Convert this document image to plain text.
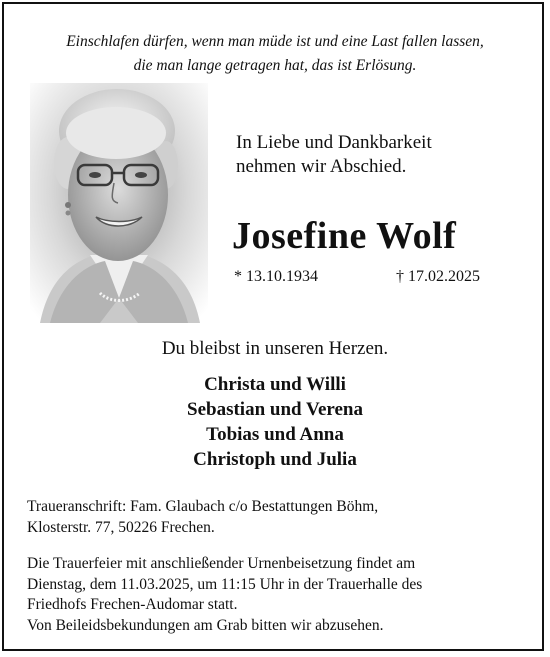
Einschlafen dürfen, wenn man müde ist und eine Last fallen lassen,
die man lange getragen hat, das ist Erlösung.
In Liebe und Dankbarkeit
nehmen wir Abschied.
Josefine Wolf
* 13.10.1934	† 17.02.2025
Du bleibst in unseren Herzen.
Christa und Willi
Sebastian und Verena
Tobias und Anna
Christoph und Julia
Traueranschrift: Fam. Glaubach c/o Bestattungen Böhm,
Klosterstr. 77, 50226 Frechen.
Die Trauerfeier mit anschließender Urnenbeisetzung findet am
Dienstag, dem 11.03.2025, um 11:15 Uhr in der Trauerhalle des
Friedhofs Frechen-Audomar statt.
Von Beileidsbekundungen am Grab bitten wir abzusehen.
